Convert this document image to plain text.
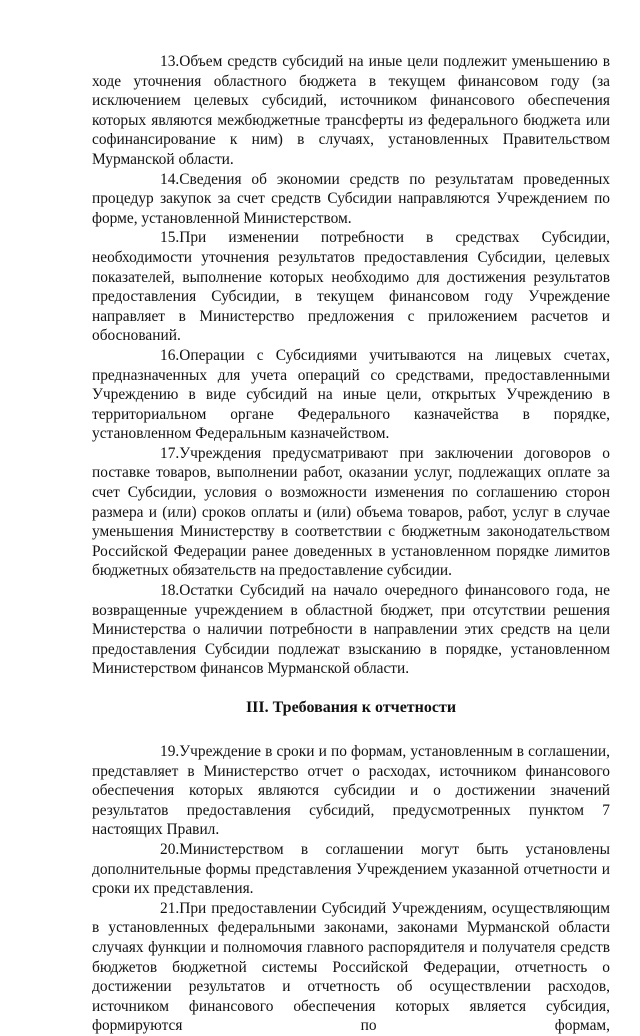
13.Объем средств субсидий на иные цели подлежит уменьшению в ходе уточнения областного бюджета в текущем финансовом году (за исключением целевых субсидий, источником финансового обеспечения которых являются межбюджетные трансферты из федерального бюджета или софинансирование к ним) в случаях, установленных Правительством Мурманской области.

14.Сведения об экономии средств по результатам проведенных процедур закупок за счет средств Субсидии направляются Учреждением по форме, установленной Министерством.

15.При изменении потребности в средствах Субсидии, необходимости уточнения результатов предоставления Субсидии, целевых показателей, выполнение которых необходимо для достижения результатов предоставления Субсидии, в текущем финансовом году Учреждение направляет в Министерство предложения с приложением расчетов и обоснований.

16.Операции с Субсидиями учитываются на лицевых счетах, предназначенных для учета операций со средствами, предоставленными Учреждению в виде субсидий на иные цели, открытых Учреждению в территориальном органе Федерального казначейства в порядке, установленном Федеральным казначейством.

17.Учреждения предусматривают при заключении договоров о поставке товаров, выполнении работ, оказании услуг, подлежащих оплате за счет Субсидии, условия о возможности изменения по соглашению сторон размера и (или) сроков оплаты и (или) объема товаров, работ, услуг в случае уменьшения Министерству в соответствии с бюджетным законодательством Российской Федерации ранее доведенных в установленном порядке лимитов бюджетных обязательств на предоставление субсидии.

18.Остатки Субсидий на начало очередного финансового года, не возвращенные учреждением в областной бюджет, при отсутствии решения Министерства о наличии потребности в направлении этих средств на цели предоставления Субсидии подлежат взысканию в порядке, установленном Министерством финансов Мурманской области.

III. Требования к отчетности

19.Учреждение в сроки и по формам, установленным в соглашении, представляет в Министерство отчет о расходах, источником финансового обеспечения которых являются субсидии и о достижении значений результатов предоставления субсидий, предусмотренных пунктом 7 настоящих Правил.

20.Министерством в соглашении могут быть установлены дополнительные формы представления Учреждением указанной отчетности и сроки их представления.

21.При предоставлении Субсидий Учреждениям, осуществляющим в установленных федеральными законами, законами Мурманской области случаях функции и полномочия главного распорядителя и получателя средств бюджетов бюджетной системы Российской Федерации, отчетность о достижении результатов и отчетность об осуществлении расходов, источником финансового обеспечения которых является субсидия, формируются по формам,
